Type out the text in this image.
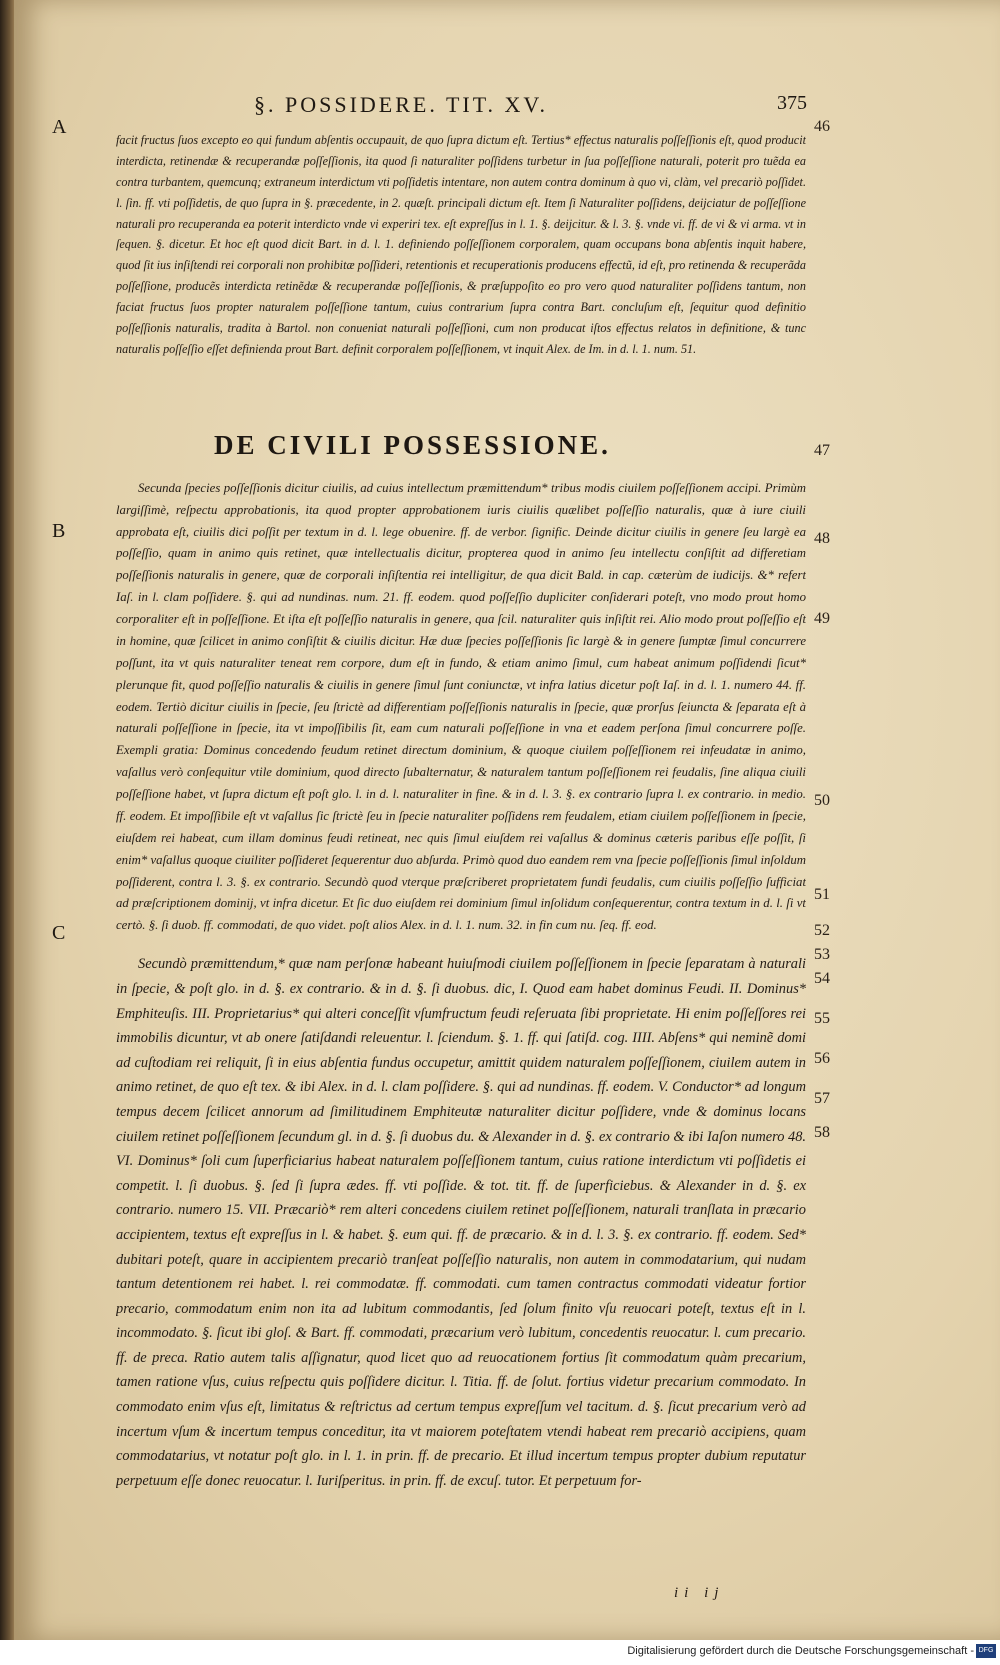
§. POSSIDERE. TIT. XV.	375
A
B
C
46
47
48
49
50
51
52
53
54
55
56
57
58

facit fructus ſuos excepto eo qui fundum abſentis occupauit, de quo ſupra dictum eſt. Tertius* effectus naturalis poſſeſſionis eſt, quod producit interdicta, retinendæ & recuperandæ poſſeſſionis, ita quod ſi naturaliter poſſidens turbetur in ſua poſſeſſione naturali, poterit pro tuẽda ea contra turbantem, quemcunq; extraneum interdictum vti poſſidetis intentare, non autem contra dominum à quo vi, clàm, vel precariò poſſidet. l. ſin. ff. vti poſſidetis, de quo ſupra in §. præcedente, in 2. quæſt. principali dictum eſt. Item ſi Naturaliter poſſidens, deijciatur de poſſeſſione naturali pro recuperanda ea poterit interdicto vnde vi experiri tex. eſt expreſſus in l. 1. §. deijcitur. & l. 3. §. vnde vi. ff. de vi & vi arma. vt in ſequen. §. dicetur. Et hoc eſt quod dicit Bart. in d. l. 1. definiendo poſſeſſionem corporalem, quam occupans bona abſentis inquit habere, quod ſit ius inſiſtendi rei corporali non prohibitæ poſſideri, retentionis et recuperationis producens effectũ, id eſt, pro retinenda & recuperãda poſſeſſione, producẽs interdicta retinẽdæ & recuperandæ poſſeſſionis, & præſuppoſito eo pro vero quod naturaliter poſſidens tantum, non faciat fructus ſuos propter naturalem poſſeſſione tantum, cuius contrarium ſupra contra Bart. concluſum eſt, ſequitur quod definitio poſſeſſionis naturalis, tradita à Bartol. non conueniat naturali poſſeſſioni, cum non producat iſtos effectus relatos in definitione, & tunc naturalis poſſeſſio eſſet definienda prout Bart. definit corporalem poſſeſſionem, vt inquit Alex. de Im. in d. l. 1. num. 51.

DE CIVILI POSSESSIONE.

Secunda ſpecies poſſeſſionis dicitur ciuilis, ad cuius intellectum præmittendum* tribus modis ciuilem poſſeſſionem accipi. Primùm largiſſimè, reſpectu approbationis, ita quod propter approbationem iuris ciuilis quælibet poſſeſſio naturalis, quæ à iure ciuili approbata eſt, ciuilis dici poſſit per textum in d. l. lege obuenire. ff. de verbor. ſignific. Deinde dicitur ciuilis in genere ſeu largè ea poſſeſſio, quam in animo quis retinet, quæ intellectualis dicitur, propterea quod in animo ſeu intellectu conſiſtit ad differetiam poſſeſſionis naturalis in genere, quæ de corporali inſiſtentia rei intelligitur, de qua dicit Bald. in cap. cæterùm de iudicijs. &* refert Iaſ. in l. clam poſſidere. §. qui ad nundinas. num. 21. ff. eodem. quod poſſeſſio dupliciter conſiderari poteſt, vno modo prout homo corporaliter eſt in poſſeſſione. Et iſta eſt poſſeſſio naturalis in genere, qua ſcil. naturaliter quis inſiſtit rei. Alio modo prout poſſeſſio eſt in homine, quæ ſcilicet in animo conſiſtit & ciuilis dicitur. Hæ duæ ſpecies poſſeſſionis ſic largè & in genere ſumptæ ſimul concurrere poſſunt, ita vt quis naturaliter teneat rem corpore, dum eſt in fundo, & etiam animo ſimul, cum habeat animum poſſidendi ſicut* plerunque fit, quod poſſeſſio naturalis & ciuilis in genere ſimul ſunt coniunctæ, vt infra latius dicetur poſt Iaſ. in d. l. 1. numero 44. ff. eodem. Tertiò dicitur ciuilis in ſpecie, ſeu ſtrictè ad differentiam poſſeſſionis naturalis in ſpecie, quæ prorſus ſeiuncta & ſeparata eſt à naturali poſſeſſione in ſpecie, ita vt impoſſibilis ſit, eam cum naturali poſſeſſione in vna et eadem perſona ſimul concurrere poſſe. Exempli gratia: Dominus concedendo feudum retinet directum dominium, & quoque ciuilem poſſeſſionem rei infeudatæ in animo, vaſallus verò conſequitur vtile dominium, quod directo ſubalternatur, & naturalem tantum poſſeſſionem rei feudalis, ſine aliqua ciuili poſſeſſione habet, vt ſupra dictum eſt poſt glo. l. in d. l. naturaliter in fine. & in d. l. 3. §. ex contrario ſupra l. ex contrario. in medio. ff. eodem. Et impoſſibile eſt vt vaſallus ſic ſtrictè ſeu in ſpecie naturaliter poſſidens rem feudalem, etiam ciuilem poſſeſſionem in ſpecie, eiuſdem rei habeat, cum illam dominus feudi retineat, nec quis ſimul eiuſdem rei vaſallus & dominus cæteris paribus eſſe poſſit, ſi enim* vaſallus quoque ciuiliter poſſideret ſequerentur duo abſurda. Primò quod duo eandem rem vna ſpecie poſſeſſionis ſimul inſoldum poſſiderent, contra l. 3. §. ex contrario. Secundò quod vterque præſcriberet proprietatem fundi feudalis, cum ciuilis poſſeſſio ſufficiat ad præſcriptionem dominij, vt infra dicetur. Et ſic duo eiuſdem rei dominium ſimul inſolidum conſequerentur, contra textum in d. l. ſi vt certò. §. ſi duob. ff. commodati, de quo videt. poſt alios Alex. in d. l. 1. num. 32. in fin cum nu. ſeq. ff. eod.

Secundò præmittendum,* quæ nam perſonæ habeant huiuſmodi ciuilem poſſeſſionem in ſpecie ſeparatam à naturali in ſpecie, & poſt glo. in d. §. ex contrario. & in d. §. ſi duobus. dic, I. Quod eam habet dominus Feudi. II. Dominus* Emphiteuſis. III. Proprietarius* qui alteri conceſſit vſumfructum feudi reſeruata ſibi proprietate. Hi enim poſſeſſores rei immobilis dicuntur, vt ab onere ſatiſdandi releuentur. l. ſciendum. §. 1. ff. qui ſatiſd. cog. IIII. Abſens* qui neminẽ domi ad cuſtodiam rei reliquit, ſi in eius abſentia fundus occupetur, amittit quidem naturalem poſſeſſionem, ciuilem autem in animo retinet, de quo eſt tex. & ibi Alex. in d. l. clam poſſidere. §. qui ad nundinas. ff. eodem. V. Conductor* ad longum tempus decem ſcilicet annorum ad ſimilitudinem Emphiteutæ naturaliter dicitur poſſidere, vnde & dominus locans ciuilem retinet poſſeſſionem ſecundum gl. in d. §. ſi duobus du. & Alexander in d. §. ex contrario & ibi Iaſon numero 48. VI. Dominus* ſoli cum ſuperficiarius habeat naturalem poſſeſſionem tantum, cuius ratione interdictum vti poſſidetis ei competit. l. ſi duobus. §. ſed ſi ſupra ædes. ff. vti poſſide. & tot. tit. ff. de ſuperficiebus. & Alexander in d. §. ex contrario. numero 15. VII. Præcariò* rem alteri concedens ciuilem retinet poſſeſſionem, naturali tranſlata in præcario accipientem, textus eſt expreſſus in l. & habet. §. eum qui. ff. de præcario. & in d. l. 3. §. ex contrario. ff. eodem. Sed* dubitari poteſt, quare in accipientem precariò tranſeat poſſeſſio naturalis, non autem in commodatarium, qui nudam tantum detentionem rei habet. l. rei commodatæ. ff. commodati. cum tamen contractus commodati videatur fortior precario, commodatum enim non ita ad lubitum commodantis, ſed ſolum finito vſu reuocari poteſt, textus eſt in l. incommodato. §. ſicut ibi gloſ. & Bart. ff. commodati, præcarium verò lubitum, concedentis reuocatur. l. cum precario. ff. de preca. Ratio autem talis aſſignatur, quod licet quo ad reuocationem fortius ſit commodatum quàm precarium, tamen ratione vſus, cuius reſpectu quis poſſidere dicitur. l. Titia. ff. de ſolut. fortius videtur precarium commodato. In commodato enim vſus eſt, limitatus & reſtrictus ad certum tempus expreſſum vel tacitum. d. §. ſicut precarium verò ad incertum vſum & incertum tempus conceditur, ita vt maiorem poteſtatem vtendi habeat rem precariò accipiens, quam commodatarius, vt notatur poſt glo. in l. 1. in prin. ff. de precario. Et illud incertum tempus propter dubium reputatur perpetuum eſſe donec reuocatur. l. Iuriſperitus. in prin. ff. de excuſ. tutor. Et perpetuum for-

ii ij
Digitalisierung gefördert durch die Deutsche Forschungsgemeinschaft - DFG
